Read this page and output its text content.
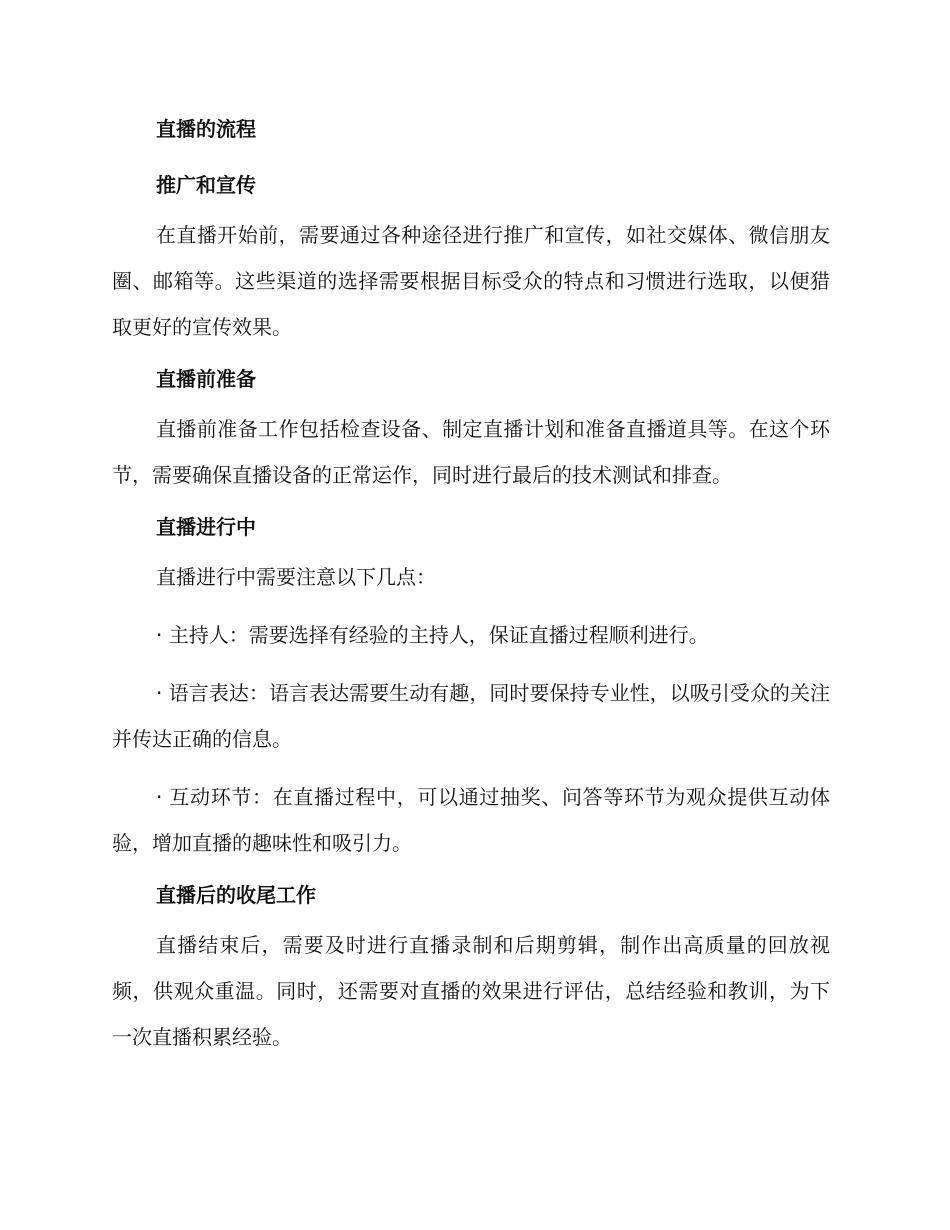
直播的流程
推广和宣传

在直播开始前，需要通过各种途径进行推广和宣传，如社交媒体、微信朋友圈、邮箱等。这些渠道的选择需要根据目标受众的特点和习惯进行选取，以便猎取更好的宣传效果。

直播前准备

直播前准备工作包括检查设备、制定直播计划和准备直播道具等。在这个环节，需要确保直播设备的正常运作，同时进行最后的技术测试和排查。

直播进行中

直播进行中需要注意以下几点：

· 主持人：需要选择有经验的主持人，保证直播过程顺利进行。

· 语言表达：语言表达需要生动有趣，同时要保持专业性，以吸引受众的关注并传达正确的信息。

· 互动环节：在直播过程中，可以通过抽奖、问答等环节为观众提供互动体验，增加直播的趣味性和吸引力。

直播后的收尾工作

直播结束后，需要及时进行直播录制和后期剪辑，制作出高质量的回放视频，供观众重温。同时，还需要对直播的效果进行评估，总结经验和教训，为下一次直播积累经验。
